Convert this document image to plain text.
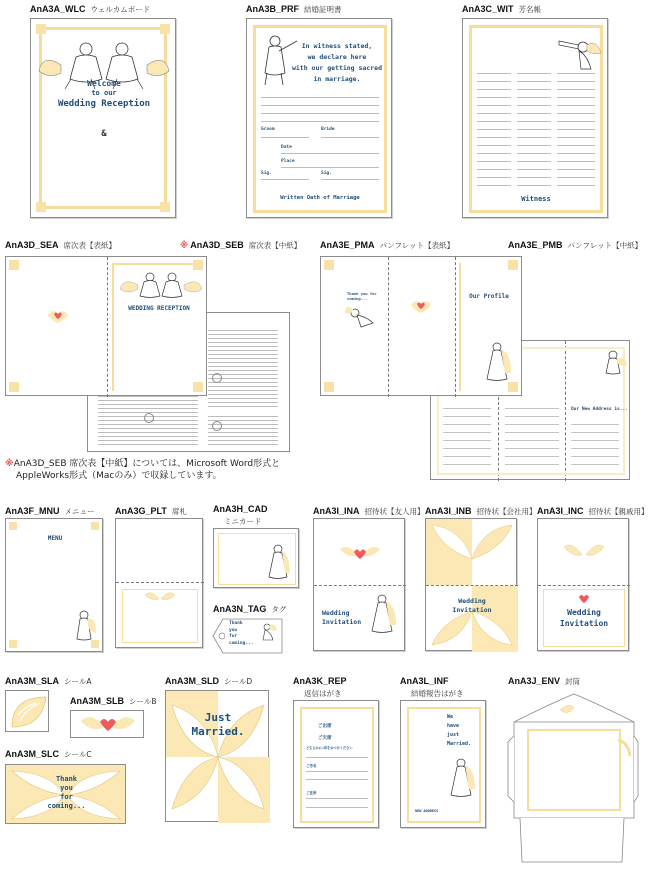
AnA3A_WLC ウェルカムボード	AnA3B_PRF 結婚証明書	AnA3C_WIT 芳名帳
Welcome
to our
Wedding Reception
&
In witness stated,
we declare here
with our getting sacred
in marriage.
Groom	Bride
Date
Place
Sig.	Sig.
Written Oath of Marriage	Witness
AnA3D_SEA 席次表【表紙】	※ AnA3D_SEB 席次表【中紙】 AnA3E_PMA パンフレット【表紙】	AnA3E_PMB パンフレット【中紙】
WEDDING RECEPTION
Our New Address is...
Thank you for coming...	Our Profile
※AnA3D_SEB 席次表【中紙】については、Microsoft Word形式と
AppleWorks形式（Macのみ）で収録しています。
AnA3F_MNU メニュー AnA3G_PLT 席札	AnA3H_CAD
ミニカード
AnA3I_INA 招待状【友人用】 AnA3I_INB 招待状【会社用】 AnA3I_INC 招待状【親戚用】
MENU
AnA3N_TAG タグ
Thank
you
for
coming...
Wedding
Invitation
Wedding
Invitation	Wedding
Invitation
AnA3M_SLA シールA
AnA3M_SLB シールB
AnA3M_SLC シールC
AnA3M_SLD シールD	AnA3K_REP
返信はがき
AnA3L_INF
結婚報告はがき
AnA3J_ENV 封筒
Thank
you
for
coming...
Just
Married.	ご出席
ご欠席
どちらかに○印をおつけください
ご芳名
ご住所
We
have
just
Married.
NEW ADDRESS
